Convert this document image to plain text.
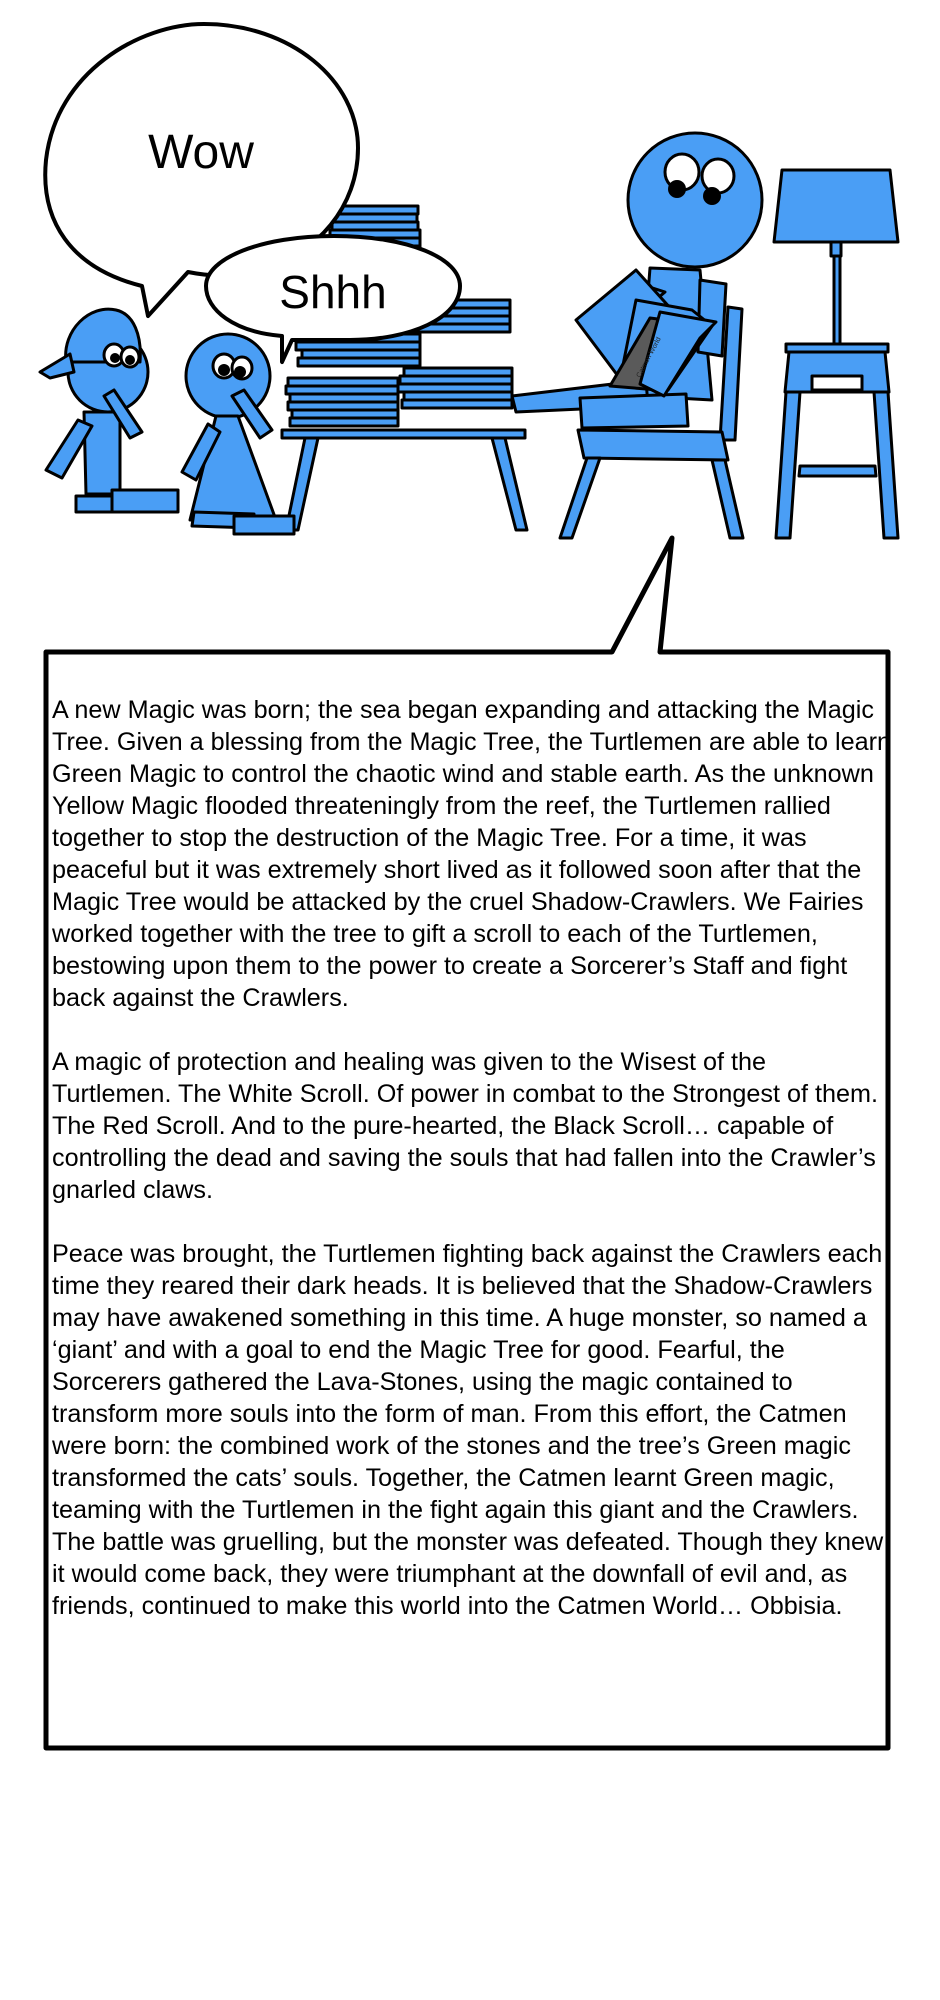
Wow
Shhh
Catmen World

A new Magic was born; the sea began expanding and attacking the Magic Tree. Given a blessing from the Magic Tree, the Turtlemen are able to learn Green Magic to control the chaotic wind and stable earth. As the unknown Yellow Magic flooded threateningly from the reef, the Turtlemen rallied together to stop the destruction of the Magic Tree. For a time, it was peaceful but it was extremely short lived as it followed soon after that the Magic Tree would be attacked by the cruel Shadow-Crawlers. We Fairies worked together with the tree to gift a scroll to each of the Turtlemen, bestowing upon them to the power to create a Sorcerer’s Staff and fight back against the Crawlers.

A magic of protection and healing was given to the Wisest of the Turtlemen. The White Scroll. Of power in combat to the Strongest of them. The Red Scroll. And to the pure-hearted, the Black Scroll… capable of controlling the dead and saving the souls that had fallen into the Crawler’s gnarled claws.

Peace was brought, the Turtlemen fighting back against the Crawlers each time they reared their dark heads. It is believed that the Shadow-Crawlers may have awakened something in this time. A huge monster, so named a ‘giant’ and with a goal to end the Magic Tree for good. Fearful, the Sorcerers gathered the Lava-Stones, using the magic contained to transform more souls into the form of man. From this effort, the Catmen were born: the combined work of the stones and the tree’s Green magic transformed the cats’ souls. Together, the Catmen learnt Green magic, teaming with the Turtlemen in the fight again this giant and the Crawlers. The battle was gruelling, but the monster was defeated. Though they knew it would come back, they were triumphant at the downfall of evil and, as friends, continued to make this world into the Catmen World… Obbisia.
